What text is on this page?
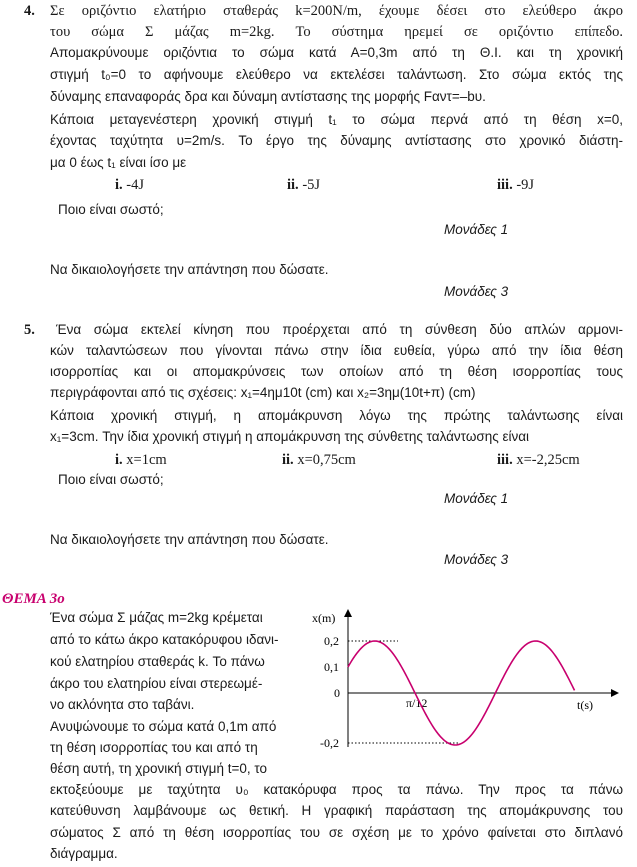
4. Σε οριζόντιο ελατήριο σταθεράς k=200N/m, έχουμε δέσει στο ελεύθερο άκρο
του σώμα Σ μάζας m=2kg. Το σύστημα ηρεμεί σε οριζόντιο επίπεδο.
Απομακρύνουμε οριζόντια το σώμα κατά Α=0,3m από τη Θ.Ι. και τη χρονική
στιγμή t₀=0 το αφήνουμε ελεύθερο να εκτελέσει ταλάντωση. Στο σώμα εκτός της
δύναμης επαναφοράς δρα και δύναμη αντίστασης της μορφής Fαντ=–bυ.
Κάποια μεταγενέστερη χρονική στιγμή t₁ το σώμα περνά από τη θέση x=0,
έχοντας ταχύτητα υ=2m/s. Το έργο της δύναμης αντίστασης στο χρονικό διάστη-
μα 0 έως t₁ είναι ίσο με
i. -4J	ii. -5J	iii. -9J
Ποιο είναι σωστό;
Μονάδες 1
Να δικαιολογήσετε την απάντηση που δώσατε.
Μονάδες 3
5. Ένα σώμα εκτελεί κίνηση που προέρχεται από τη σύνθεση δύο απλών αρμονι-
κών ταλαντώσεων που γίνονται πάνω στην ίδια ευθεία, γύρω από την ίδια θέση
ισορροπίας και οι απομακρύνσεις των οποίων από τη θέση ισορροπίας τους
περιγράφονται από τις σχέσεις: x₁=4ημ10t (cm) και x₂=3ημ(10t+π) (cm)
Κάποια χρονική στιγμή, η απομάκρυνση λόγω της πρώτης ταλάντωσης είναι
x₁=3cm. Την ίδια χρονική στιγμή η απομάκρυνση της σύνθετης ταλάντωσης είναι
i. x=1cm	ii. x=0,75cm	iii. x=-2,25cm
Ποιο είναι σωστό;
Μονάδες 1
Να δικαιολογήσετε την απάντηση που δώσατε.
Μονάδες 3
ΘΕΜΑ 3ο
Ένα σώμα Σ μάζας m=2kg κρέμεται
από το κάτω άκρο κατακόρυφου ιδανι-
κού ελατηρίου σταθεράς k. Το πάνω
άκρο του ελατηρίου είναι στερεωμέ-
νο ακλόνητα στο ταβάνι.
Ανυψώνουμε το σώμα κατά 0,1m από
τη θέση ισορροπίας του και από τη
θέση αυτή, τη χρονική στιγμή t=0, το
εκτοξεύουμε με ταχύτητα υ₀ κατακόρυφα προς τα πάνω. Την προς τα πάνω
κατεύθυνση λαμβάνουμε ως θετική. Η γραφική παράσταση της απομάκρυνσης του
σώματος Σ από τη θέση ισορροπίας του σε σχέση με το χρόνο φαίνεται στο διπλανό
διάγραμμα.
x(m)
0,2
0,1
0
-0,2
π/12	t(s)
